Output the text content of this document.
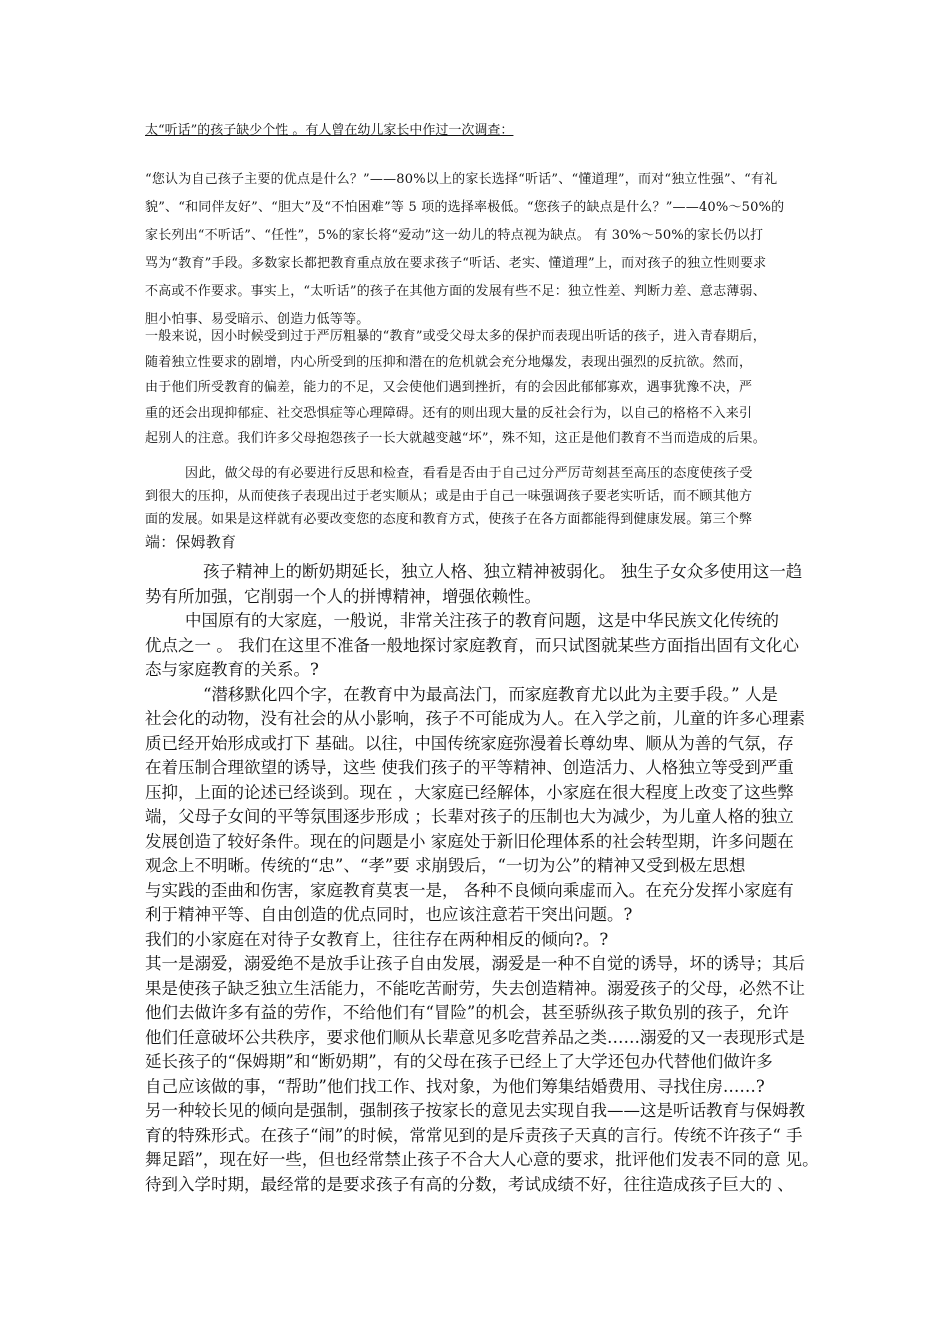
太“听话”的孩子缺少个性 。有人曾在幼儿家长中作过一次调查：

“您认为自己孩子主要的优点是什么？”——80%以上的家长选择“听话”、“懂道理”，而对“独立性强”、“有礼
貌”、“和同伴友好”、“胆大”及“不怕困难”等 5 项的选择率极低。“您孩子的缺点是什么？”——40%～50%的
家长列出“不听话”、“任性”，5%的家长将“爱动”这一幼儿的特点视为缺点。 有 30%～50%的家长仍以打
骂为“教育”手段。多数家长都把教育重点放在要求孩子“听话、老实、懂道理”上，而对孩子的独立性则要求
不高或不作要求。事实上，“太听话”的孩子在其他方面的发展有些不足：独立性差、判断力差、意志薄弱、
胆小怕事、易受暗示、创造力低等等。

一般来说，因小时候受到过于严厉粗暴的“教育”或受父母太多的保护而表现出听话的孩子，进入青春期后，
随着独立性要求的剧增，内心所受到的压抑和潜在的危机就会充分地爆发，表现出强烈的反抗欲。然而，
由于他们所受教育的偏差，能力的不足，又会使他们遇到挫折，有的会因此郁郁寡欢，遇事犹豫不决，严
重的还会出现抑郁症、社交恐惧症等心理障碍。还有的则出现大量的反社会行为，以自己的格格不入来引
起别人的注意。我们许多父母抱怨孩子一长大就越变越“坏”，殊不知，这正是他们教育不当而造成的后果。

因此，做父母的有必要进行反思和检查，看看是否由于自己过分严厉苛刻甚至高压的态度使孩子受
到很大的压抑，从而使孩子表现出过于老实顺从；或是由于自己一味强调孩子要老实听话，而不顾其他方
面的发展。如果是这样就有必要改变您的态度和教育方式，使孩子在各方面都能得到健康发展。第三个弊
端：保姆教育

孩子精神上的断奶期延长，独立人格、独立精神被弱化。 独生子女众多使用这一趋
势有所加强，它削弱一个人的拼博精神，增强依赖性。
中国原有的大家庭，一般说，非常关注孩子的教育问题，这是中华民族文化传统的
优点之一 。 我们在这里不准备一般地探讨家庭教育，而只试图就某些方面指出固有文化心
态与家庭教育的关系。?
“潜移默化四个字，在教育中为最高法门，而家庭教育尤以此为主要手段。” 人是
社会化的动物，没有社会的从小影响，孩子不可能成为人。在入学之前，儿童的许多心理素
质已经开始形成或打下 基础。以往，中国传统家庭弥漫着长尊幼卑、顺从为善的气氛，存
在着压制合理欲望的诱导，这些 使我们孩子的平等精神、创造活力、人格独立等受到严重
压抑，上面的论述已经谈到。现在 ，大家庭已经解体，小家庭在很大程度上改变了这些弊
端，父母子女间的平等氛围逐步形成 ；长辈对孩子的压制也大为减少，为儿童人格的独立
发展创造了较好条件。现在的问题是小 家庭处于新旧伦理体系的社会转型期，许多问题在
观念上不明晰。传统的“忠”、“孝”要 求崩毁后，“一切为公”的精神又受到极左思想
与实践的歪曲和伤害，家庭教育莫衷一是， 各种不良倾向乘虚而入。在充分发挥小家庭有
利于精神平等、自由创造的优点同时，也应该注意若干突出问题。?
我们的小家庭在对待子女教育上，往往存在两种相反的倾向?。?
其一是溺爱，溺爱绝不是放手让孩子自由发展，溺爱是一种不自觉的诱导，坏的诱导；其后
果是使孩子缺乏独立生活能力，不能吃苦耐劳，失去创造精神。溺爱孩子的父母，必然不让
他们去做许多有益的劳作，不给他们有“冒险”的机会，甚至骄纵孩子欺负别的孩子，允许
他们任意破坏公共秩序，要求他们顺从长辈意见多吃营养品之类……溺爱的又一表现形式是
延长孩子的“保姆期”和“断奶期”，有的父母在孩子已经上了大学还包办代替他们做许多
自己应该做的事，“帮助”他们找工作、找对象，为他们筹集结婚费用、寻找住房……?
另一种较长见的倾向是强制，强制孩子按家长的意见去实现自我——这是听话教育与保姆教
育的特殊形式。在孩子“闹”的时候，常常见到的是斥责孩子天真的言行。传统不许孩子“ 手
舞足蹈”，现在好一些，但也经常禁止孩子不合大人心意的要求，批评他们发表不同的意 见。
待到入学时期，最经常的是要求孩子有高的分数，考试成绩不好，往往造成孩子巨大的 、
